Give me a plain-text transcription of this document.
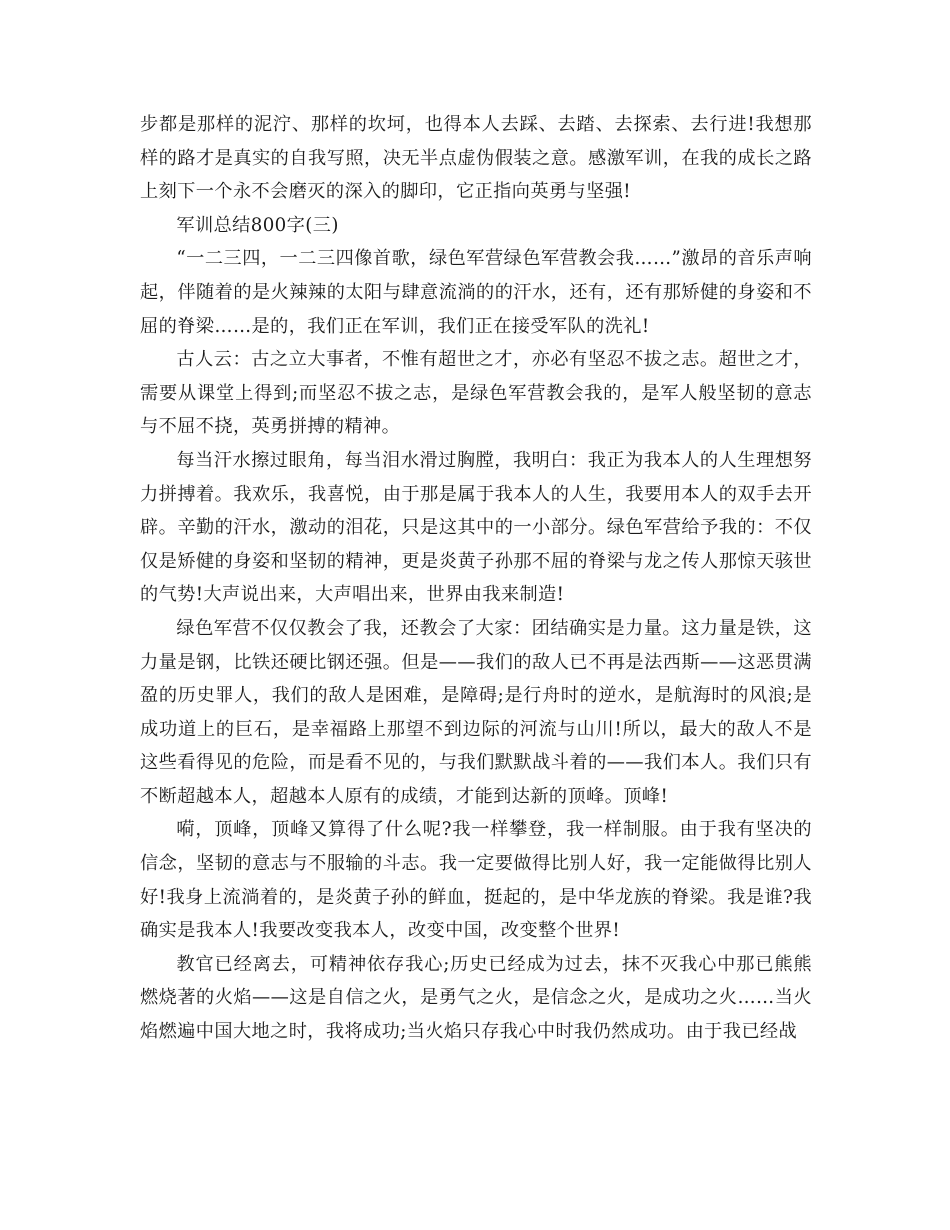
步都是那样的泥泞、那样的坎坷，也得本人去踩、去踏、去探索、去行进!我想那样的路才是真实的自我写照，决无半点虚伪假装之意。感激军训，在我的成长之路上刻下一个永不会磨灭的深入的脚印，它正指向英勇与坚强!

军训总结800字(三)

“一二三四，一二三四像首歌，绿色军营绿色军营教会我……”激昂的音乐声响起，伴随着的是火辣辣的太阳与肆意流淌的的汗水，还有，还有那矫健的身姿和不屈的脊梁……是的，我们正在军训，我们正在接受军队的洗礼!

古人云：古之立大事者，不惟有超世之才，亦必有坚忍不拔之志。超世之才，需要从课堂上得到;而坚忍不拔之志，是绿色军营教会我的，是军人般坚韧的意志与不屈不挠，英勇拼搏的精神。

每当汗水擦过眼角，每当泪水滑过胸膛，我明白：我正为我本人的人生理想努力拼搏着。我欢乐，我喜悦，由于那是属于我本人的人生，我要用本人的双手去开辟。辛勤的汗水，激动的泪花，只是这其中的一小部分。绿色军营给予我的：不仅仅是矫健的身姿和坚韧的精神，更是炎黄子孙那不屈的脊梁与龙之传人那惊天骇世的气势!大声说出来，大声唱出来，世界由我来制造!

绿色军营不仅仅教会了我，还教会了大家：团结确实是力量。这力量是铁，这力量是钢，比铁还硬比钢还强。但是——我们的敌人已不再是法西斯——这恶贯满盈的历史罪人，我们的敌人是困难，是障碍;是行舟时的逆水，是航海时的风浪;是成功道上的巨石，是幸福路上那望不到边际的河流与山川!所以，最大的敌人不是这些看得见的危险，而是看不见的，与我们默默战斗着的——我们本人。我们只有不断超越本人，超越本人原有的成绩，才能到达新的顶峰。顶峰!

嗬，顶峰，顶峰又算得了什么呢?我一样攀登，我一样制服。由于我有坚决的信念，坚韧的意志与不服输的斗志。我一定要做得比别人好，我一定能做得比别人好!我身上流淌着的，是炎黄子孙的鲜血，挺起的，是中华龙族的脊梁。我是谁?我确实是我本人!我要改变我本人，改变中国，改变整个世界!

教官已经离去，可精神依存我心;历史已经成为过去，抹不灭我心中那已熊熊燃烧著的火焰——这是自信之火，是勇气之火，是信念之火，是成功之火……当火焰燃遍中国大地之时，我将成功;当火焰只存我心中时我仍然成功。由于我已经战
